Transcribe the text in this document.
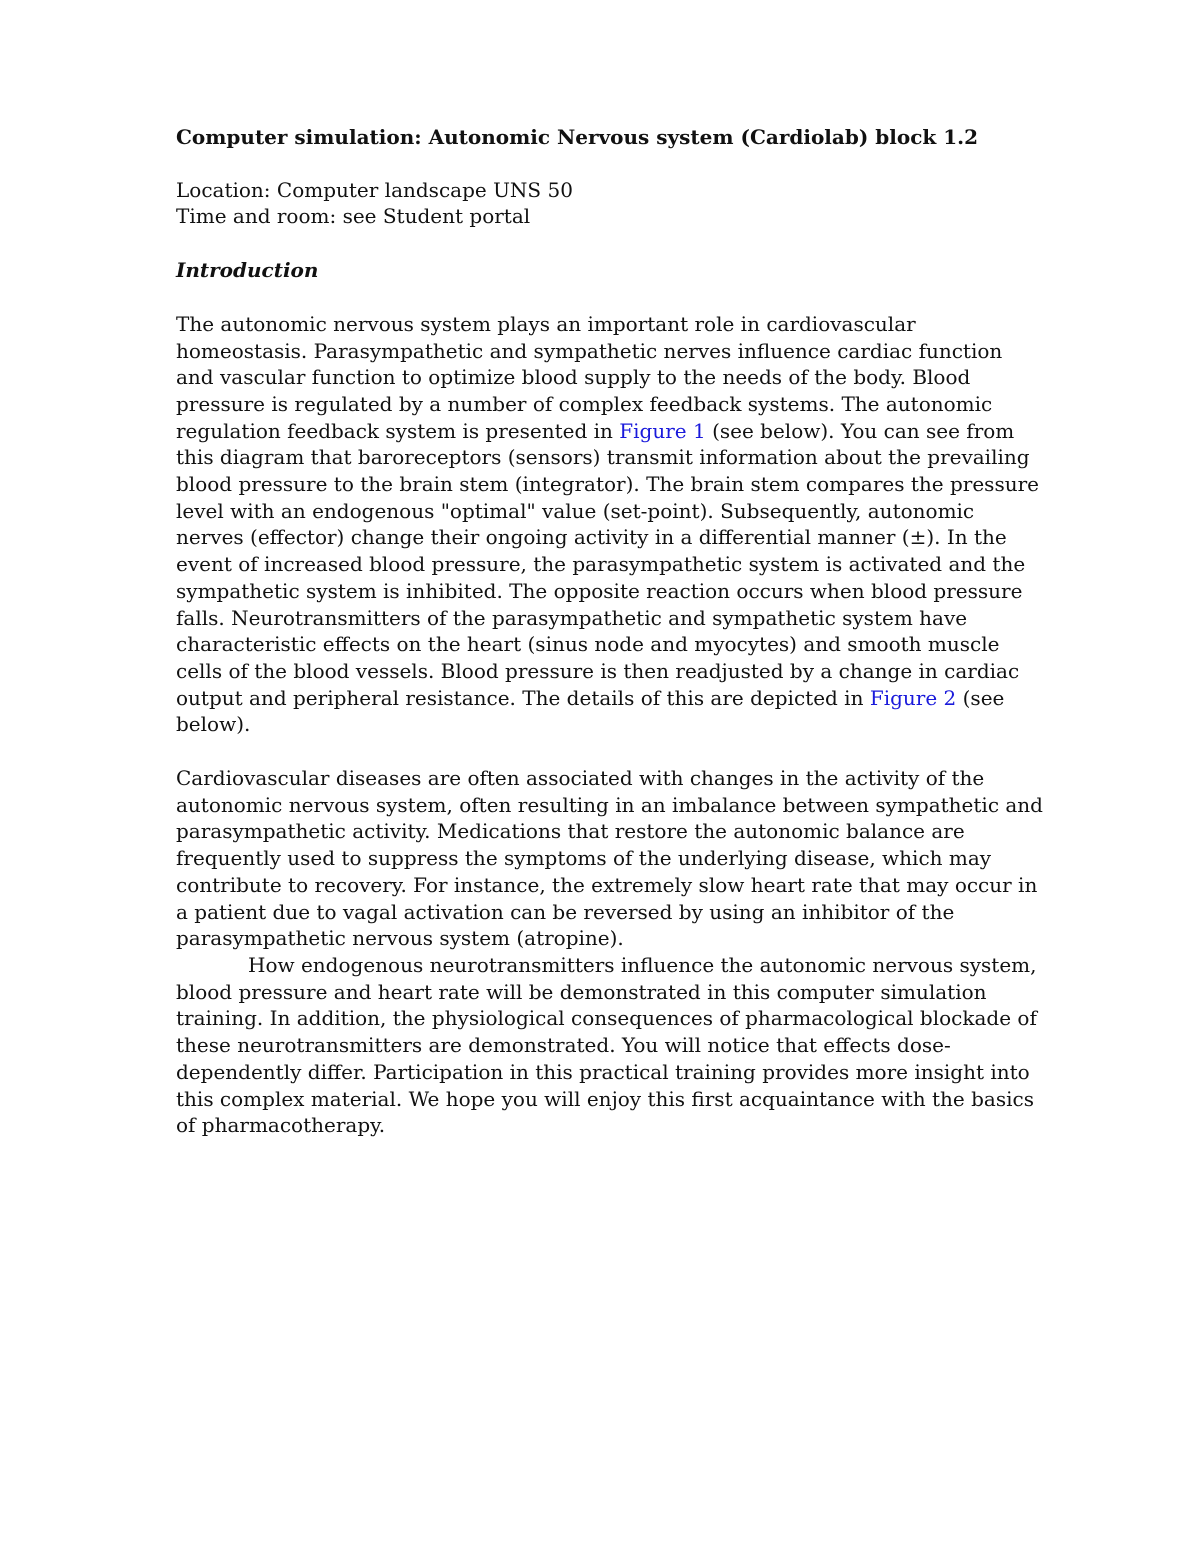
Computer simulation: Autonomic Nervous system (Cardiolab) block 1.2
Location: Computer landscape UNS 50
Time and room: see Student portal
Introduction

The autonomic nervous system plays an important role in cardiovascular homeostasis. Parasympathetic and sympathetic nerves influence cardiac function and vascular function to optimize blood supply to the needs of the body. Blood pressure is regulated by a number of complex feedback systems. The autonomic regulation feedback system is presented in Figure 1 (see below). You can see from this diagram that baroreceptors (sensors) transmit information about the prevailing blood pressure to the brain stem (integrator). The brain stem compares the pressure level with an endogenous "optimal" value (set-point). Subsequently, autonomic nerves (effector) change their ongoing activity in a differential manner (±). In the event of increased blood pressure, the parasympathetic system is activated and the sympathetic system is inhibited. The opposite reaction occurs when blood pressure falls. Neurotransmitters of the parasympathetic and sympathetic system have characteristic effects on the heart (sinus node and myocytes) and smooth muscle cells of the blood vessels. Blood pressure is then readjusted by a change in cardiac output and peripheral resistance. The details of this are depicted in Figure 2 (see below).

Cardiovascular diseases are often associated with changes in the activity of the autonomic nervous system, often resulting in an imbalance between sympathetic and parasympathetic activity. Medications that restore the autonomic balance are frequently used to suppress the symptoms of the underlying disease, which may contribute to recovery. For instance, the extremely slow heart rate that may occur in a patient due to vagal activation can be reversed by using an inhibitor of the parasympathetic nervous system (atropine).

How endogenous neurotransmitters influence the autonomic nervous system, blood pressure and heart rate will be demonstrated in this computer simulation training. In addition, the physiological consequences of pharmacological blockade of these neurotransmitters are demonstrated. You will notice that effects dose-dependently differ. Participation in this practical training provides more insight into this complex material. We hope you will enjoy this first acquaintance with the basics of pharmacotherapy.
